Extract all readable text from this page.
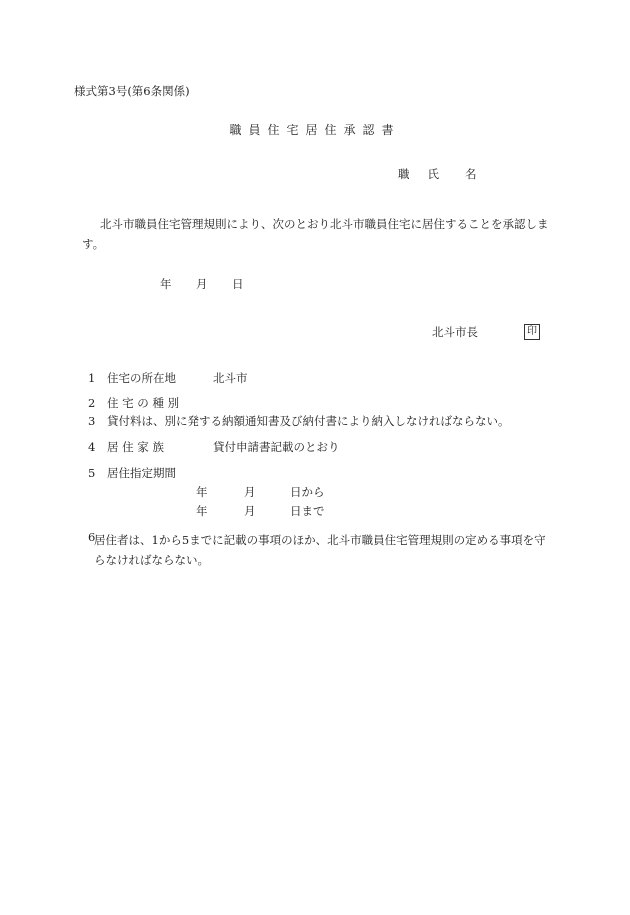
様式第3号(第6条関係)
職員住宅居住承認書
職 氏 名
北斗市職員住宅管理規則により、次のとおり北斗市職員住宅に居住することを承認します。
年 月 日
北斗市長	印
1 住宅の所在地	北斗市
2 住 宅 の 種 別
3 貸付料は、別に発する納額通知書及び納付書により納入しなければならない。
4 居 住 家 族	貸付申請書記載のとおり
5 居住指定期間
年	月	日から
年	月	日まで
6
居住者は、1から5までに記載の事項のほか、北斗市職員住宅管理規則の定める事項を守らなければならない。
